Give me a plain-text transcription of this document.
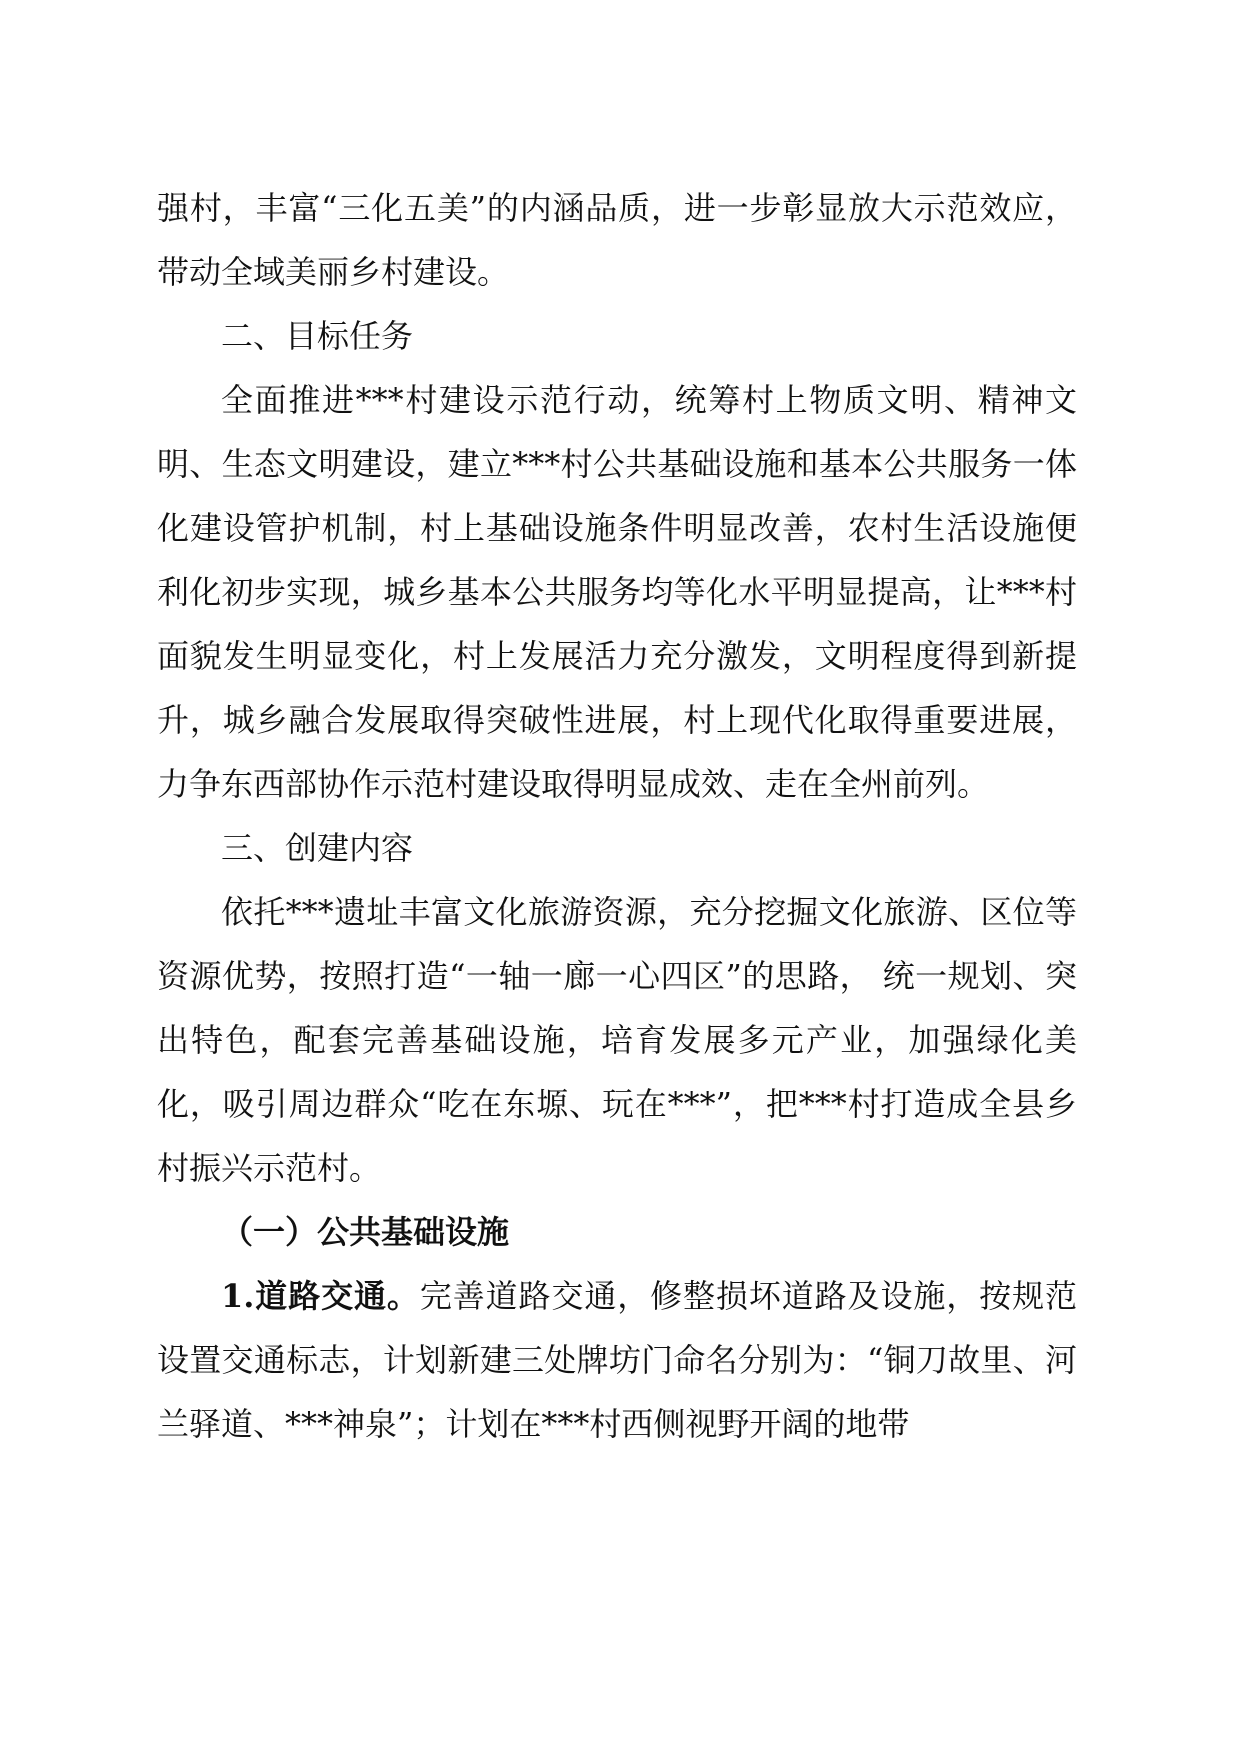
强村，丰富“三化五美”的内涵品质，进一步彰显放大示范效应，带动全域美丽乡村建设。

二、目标任务

全面推进***村建设示范行动，统筹村上物质文明、精神文明、生态文明建设，建立***村公共基础设施和基本公共服务一体化建设管护机制，村上基础设施条件明显改善，农村生活设施便利化初步实现，城乡基本公共服务均等化水平明显提高，让***村面貌发生明显变化，村上发展活力充分激发，文明程度得到新提升，城乡融合发展取得突破性进展，村上现代化取得重要进展，力争东西部协作示范村建设取得明显成效、走在全州前列。

三、创建内容

依托***遗址丰富文化旅游资源，充分挖掘文化旅游、区位等资源优势，按照打造“一轴一廊一心四区”的思路， 统一规划、突出特色，配套完善基础设施，培育发展多元产业，加强绿化美化，吸引周边群众“吃在东塬、玩在***”，把***村打造成全县乡村振兴示范村。

（一）公共基础设施

1.道路交通。完善道路交通，修整损坏道路及设施，按规范设置交通标志，计划新建三处牌坊门命名分别为：“铜刀故里、河兰驿道、***神泉”；计划在***村西侧视野开阔的地带
